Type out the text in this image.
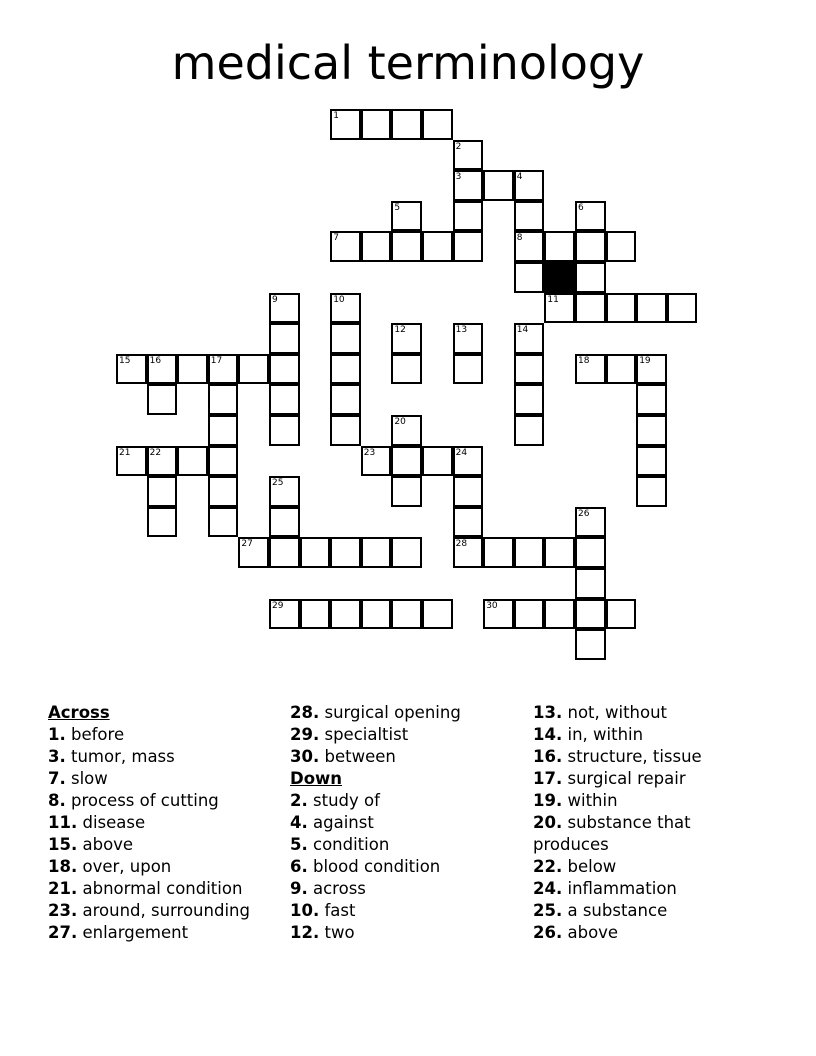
medical terminology
1
3	4
7	8
11
15 16	17	18	19
21 22	23	24
27	28
29	30
2
5	6
9	10
12	13	14
20
25
26
Across
1. before
3. tumor, mass
7. slow
8. process of cutting
11. disease
15. above
18. over, upon
21. abnormal condition
23. around, surrounding
27. enlargement
28. surgical opening
29. specialtist
30. between
Down
2. study of
4. against
5. condition
6. blood condition
9. across
10. fast
12. two
13. not, without
14. in, within
16. structure, tissue
17. surgical repair
19. within
20. substance that produces
22. below
24. inflammation
25. a substance
26. above
